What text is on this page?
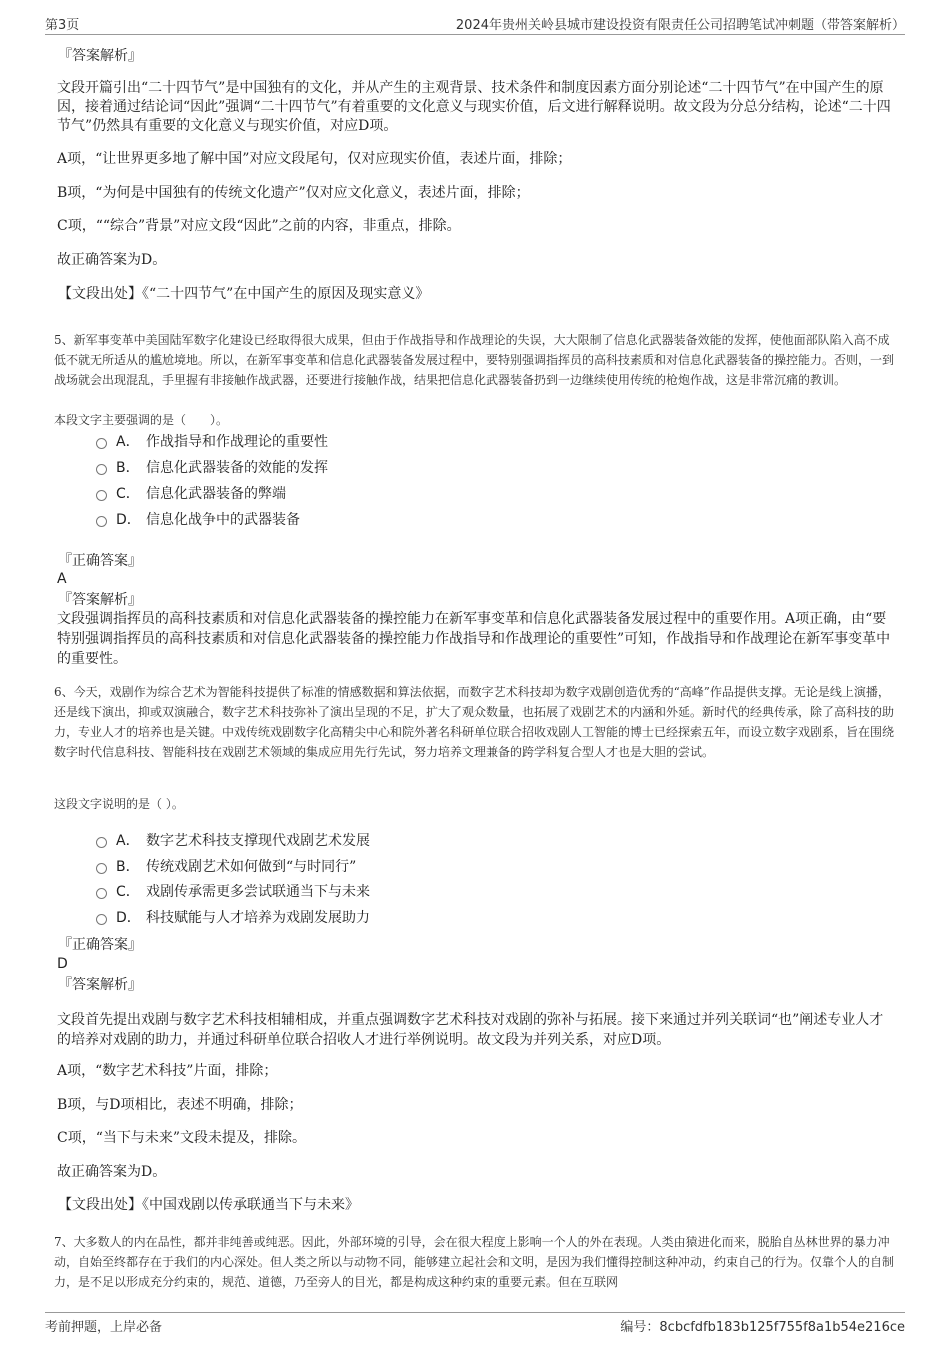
第3页	2024年贵州关岭县城市建设投资有限责任公司招聘笔试冲刺题（带答案解析）
『答案解析』
文段开篇引出“二十四节气”是中国独有的文化，并从产生的主观背景、技术条件和制度因素方面分别论述“二十四节气”在中国产生的原因，接着通过结论词“因此”强调“二十四节气”有着重要的文化意义与现实价值，后文进行解释说明。故文段为分总分结构，论述“二十四节气”仍然具有重要的文化意义与现实价值，对应D项。
A项，“让世界更多地了解中国”对应文段尾句，仅对应现实价值，表述片面，排除；
B项，“为何是中国独有的传统文化遗产”仅对应文化意义，表述片面，排除；
C项，““综合”背景”对应文段“因此”之前的内容，非重点，排除。
故正确答案为D。
【文段出处】《“二十四节气”在中国产生的原因及现实意义》
5、新军事变革中美国陆军数字化建设已经取得很大成果，但由于作战指导和作战理论的失误，大大限制了信息化武器装备效能的发挥，使他面部队陷入高不成低不就无所适从的尴尬境地。所以，在新军事变革和信息化武器装备发展过程中，要特别强调指挥员的高科技素质和对信息化武器装备的操控能力。否则，一到战场就会出现混乱，手里握有非接触作战武器，还要进行接触作战，结果把信息化武器装备扔到一边继续使用传统的枪炮作战，这是非常沉痛的教训。
本段文字主要强调的是（　　）。
A． 作战指导和作战理论的重要性
B． 信息化武器装备的效能的发挥
C． 信息化武器装备的弊端
D． 信息化战争中的武器装备
『正确答案』
A
『答案解析』
文段强调指挥员的高科技素质和对信息化武器装备的操控能力在新军事变革和信息化武器装备发展过程中的重要作用。A项正确，由“要特别强调指挥员的高科技素质和对信息化武器装备的操控能力作战指导和作战理论的重要性”可知，作战指导和作战理论在新军事变革中的重要性。
6、今天，戏剧作为综合艺术为智能科技提供了标准的情感数据和算法依据，而数字艺术科技却为数字戏剧创造优秀的“高峰”作品提供支撑。无论是线上演播，还是线下演出，抑或双演融合，数字艺术科技弥补了演出呈现的不足，扩大了观众数量，也拓展了戏剧艺术的内涵和外延。新时代的经典传承，除了高科技的助力，专业人才的培养也是关键。中戏传统戏剧数字化高精尖中心和院外著名科研单位联合招收戏剧人工智能的博士已经探索五年，而设立数字戏剧系，旨在围绕数字时代信息科技、智能科技在戏剧艺术领域的集成应用先行先试，努力培养文理兼备的跨学科复合型人才也是大胆的尝试。
这段文字说明的是（ ）。
A． 数字艺术科技支撑现代戏剧艺术发展
B． 传统戏剧艺术如何做到“与时同行”
C． 戏剧传承需更多尝试联通当下与未来
D． 科技赋能与人才培养为戏剧发展助力
『正确答案』
D
『答案解析』
文段首先提出戏剧与数字艺术科技相辅相成，并重点强调数字艺术科技对戏剧的弥补与拓展。接下来通过并列关联词“也”阐述专业人才的培养对戏剧的助力，并通过科研单位联合招收人才进行举例说明。故文段为并列关系，对应D项。
A项，“数字艺术科技”片面，排除；
B项，与D项相比，表述不明确，排除；
C项，“当下与未来”文段未提及，排除。
故正确答案为D。
【文段出处】《中国戏剧以传承联通当下与未来》
7、大多数人的内在品性，都并非纯善或纯恶。因此，外部环境的引导，会在很大程度上影响一个人的外在表现。人类由猿进化而来，脱胎自丛林世界的暴力冲动，自始至终都存在于我们的内心深处。但人类之所以与动物不同，能够建立起社会和文明，是因为我们懂得控制这种冲动，约束自己的行为。仅靠个人的自制力，是不足以形成充分约束的，规范、道德，乃至旁人的目光，都是构成这种约束的重要元素。但在互联网
考前押题，上岸必备	编号：8cbcfdfb183b125f755f8a1b54e216ce
